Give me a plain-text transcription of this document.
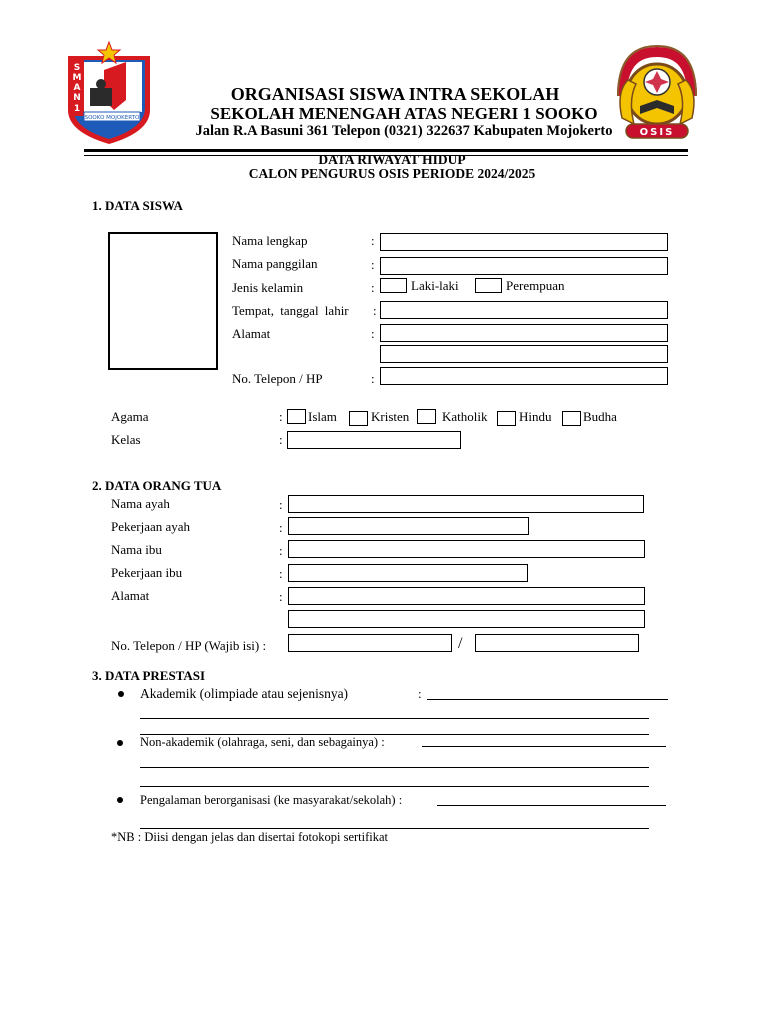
S M A N 1
SOOKO MOJOKERTO
OSIS
ORGANISASI SISWA INTRA SEKOLAH
SEKOLAH MENENGAH ATAS NEGERI 1 SOOKO
Jalan R.A Basuni 361 Telepon (0321) 322637 Kabupaten Mojokerto
DATA RIWAYAT HIDUP
CALON PENGURUS OSIS PERIODE 2024/2025
1. DATA SISWA
Nama lengkap	:
Nama panggilan	:
Jenis kelamin	:	Laki-laki	Perempuan
Tempat, tanggal lahir :
Alamat	:
No. Telepon / HP	:
Agama	: Islam	Kristen	Katholik Hindu Budha
Kelas	:
2. DATA ORANG TUA
Nama ayah	:
Pekerjaan ayah	:
Nama ibu	:
Pekerjaan ibu	:
Alamat	:
No. Telepon / HP (Wajib isi) :	/
3. DATA PRESTASI
Akademik (olimpiade atau sejenisnya)	:
Non-akademik (olahraga, seni, dan sebagainya) :
Pengalaman berorganisasi (ke masyarakat/sekolah) :
*NB : Diisi dengan jelas dan disertai fotokopi sertifikat
